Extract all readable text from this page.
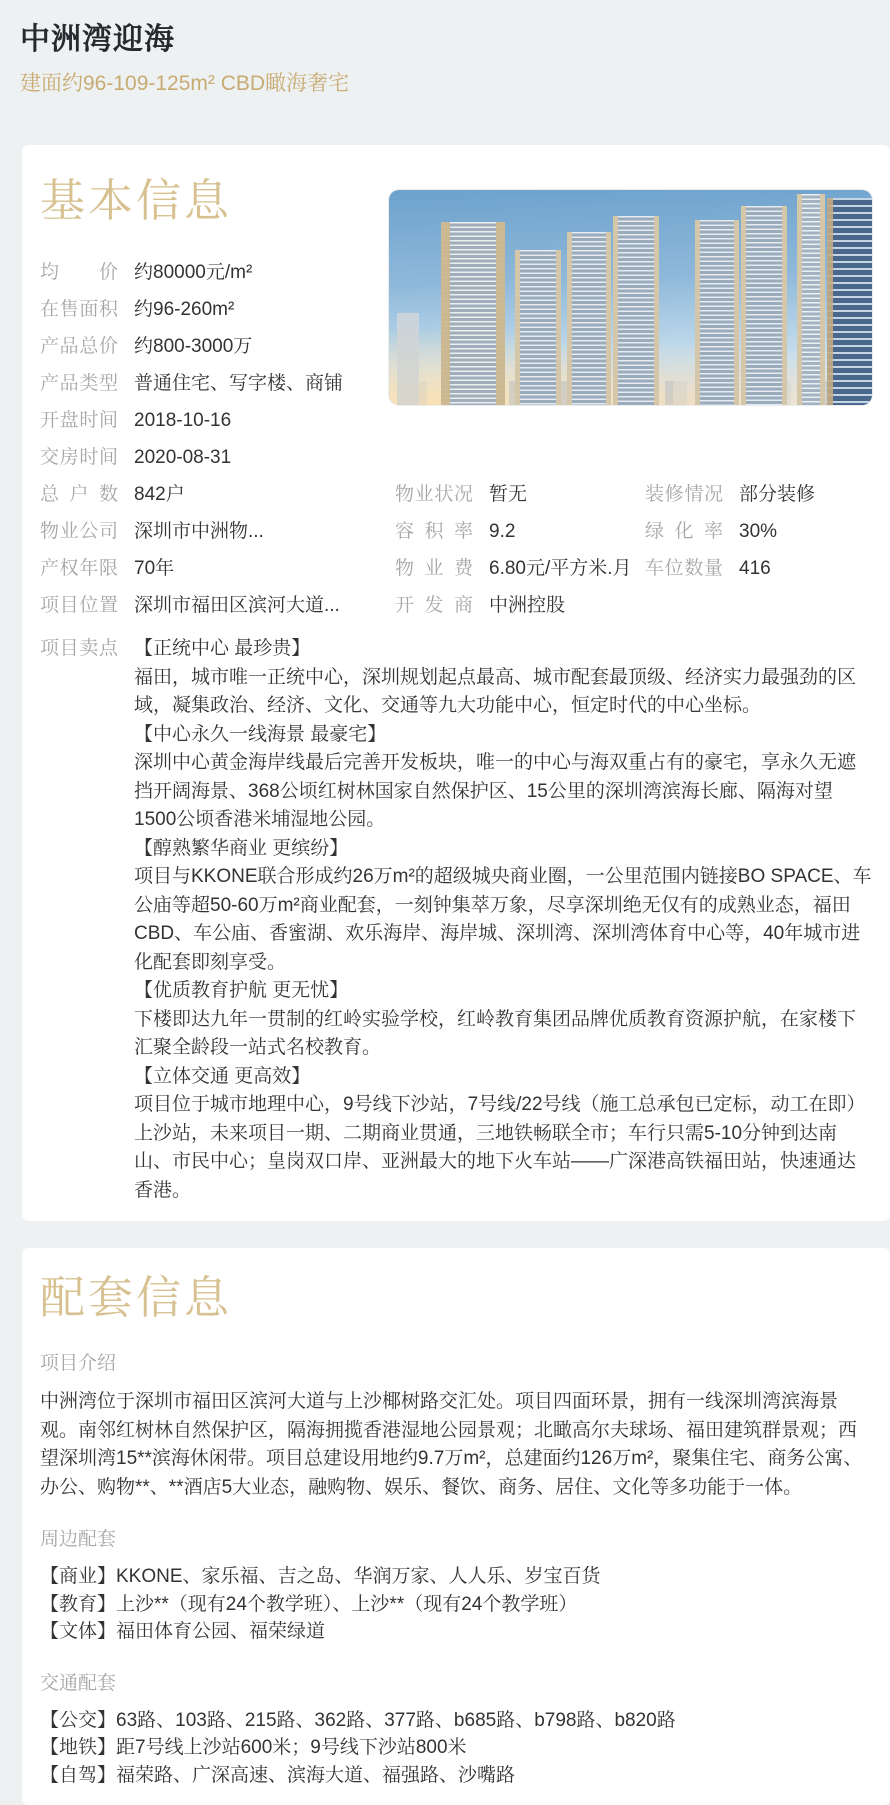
中洲湾迎海
建面约96-109-125m² CBD瞰海奢宅
基本信息
均价 约80000元/m²
在售面积 约96-260m²
产品总价 约800-3000万
产品类型 普通住宅、写字楼、商铺
开盘时间 2018-10-16
交房时间 2020-08-31
总户数 842户
物业公司 深圳市中洲物...
产权年限 70年
项目位置 深圳市福田区滨河大道...
物业状况 暂无
容积率 9.2
物业费 6.80元/平方米.月
开发商 中洲控股
装修情况 部分装修
绿化率 30%
车位数量 416
项目卖点 【正统中心 最珍贵】
福田，城市唯一正统中心，深圳规划起点最高、城市配套最顶级、经济实力最强劲的区域，凝集政治、经济、文化、交通等九大功能中心，恒定时代的中心坐标。
【中心永久一线海景 最豪宅】
深圳中心黄金海岸线最后完善开发板块，唯一的中心与海双重占有的豪宅，享永久无遮挡开阔海景、368公顷红树林国家自然保护区、15公里的深圳湾滨海长廊、隔海对望1500公顷香港米埔湿地公园。
【醇熟繁华商业 更缤纷】
项目与KKONE联合形成约26万m²的超级城央商业圈，一公里范围内链接BO SPACE、车公庙等超50-60万m²商业配套，一刻钟集萃万象，尽享深圳绝无仅有的成熟业态，福田CBD、车公庙、香蜜湖、欢乐海岸、海岸城、深圳湾、深圳湾体育中心等，40年城市进化配套即刻享受。
【优质教育护航 更无忧】
下楼即达九年一贯制的红岭实验学校，红岭教育集团品牌优质教育资源护航，在家楼下汇聚全龄段一站式名校教育。
【立体交通 更高效】
项目位于城市地理中心，9号线下沙站，7号线/22号线（施工总承包已定标，动工在即）上沙站，未来项目一期、二期商业贯通，三地铁畅联全市；车行只需5-10分钟到达南山、市民中心；皇岗双口岸、亚洲最大的地下火车站——广深港高铁福田站，快速通达香港。
配套信息
项目介绍

中洲湾位于深圳市福田区滨河大道与上沙椰树路交汇处。项目四面环景，拥有一线深圳湾滨海景观。南邻红树林自然保护区，隔海拥揽香港湿地公园景观；北瞰高尔夫球场、福田建筑群景观；西望深圳湾15**滨海休闲带。项目总建设用地约9.7万m²，总建面约126万m²，聚集住宅、商务公寓、办公、购物**、**酒店5大业态，融购物、娱乐、餐饮、商务、居住、文化等多功能于一体。

周边配套
【商业】KKONE、家乐福、吉之岛、华润万家、人人乐、岁宝百货
【教育】上沙**（现有24个教学班）、上沙**（现有24个教学班）
【文体】福田体育公园、福荣绿道
交通配套
【公交】63路、103路、215路、362路、377路、b685路、b798路、b820路
【地铁】距7号线上沙站600米；9号线下沙站800米
【自驾】福荣路、广深高速、滨海大道、福强路、沙嘴路
